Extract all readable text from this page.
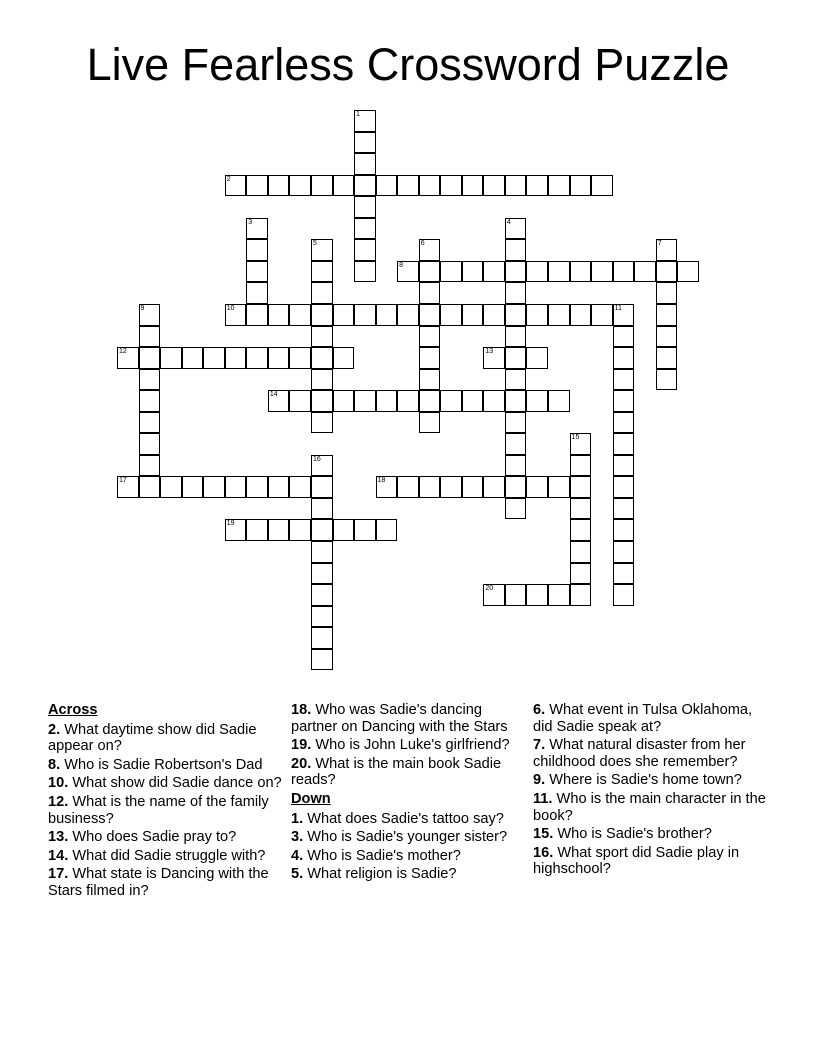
Live Fearless Crossword Puzzle
1
2
3	4
5	6	7
8
9	10	11
12	13
14
15
16
17	18
19
20
Across
2. What daytime show did Sadie appear on?
8. Who is Sadie Robertson's Dad
10. What show did Sadie dance on?
12. What is the name of the family business?
13. Who does Sadie pray to?
14. What did Sadie struggle with?
17. What state is Dancing with the Stars filmed in?
18. Who was Sadie's dancing partner on Dancing with the Stars
19. Who is John Luke's girlfriend?
20. What is the main book Sadie reads?
Down
1. What does Sadie's tattoo say?
3. Who is Sadie's younger sister?
4. Who is Sadie's mother?
5. What religion is Sadie?
6. What event in Tulsa Oklahoma, did Sadie speak at?
7. What natural disaster from her childhood does she remember?
9. Where is Sadie's home town?
11. Who is the main character in the book?
15. Who is Sadie's brother?
16. What sport did Sadie play in highschool?
